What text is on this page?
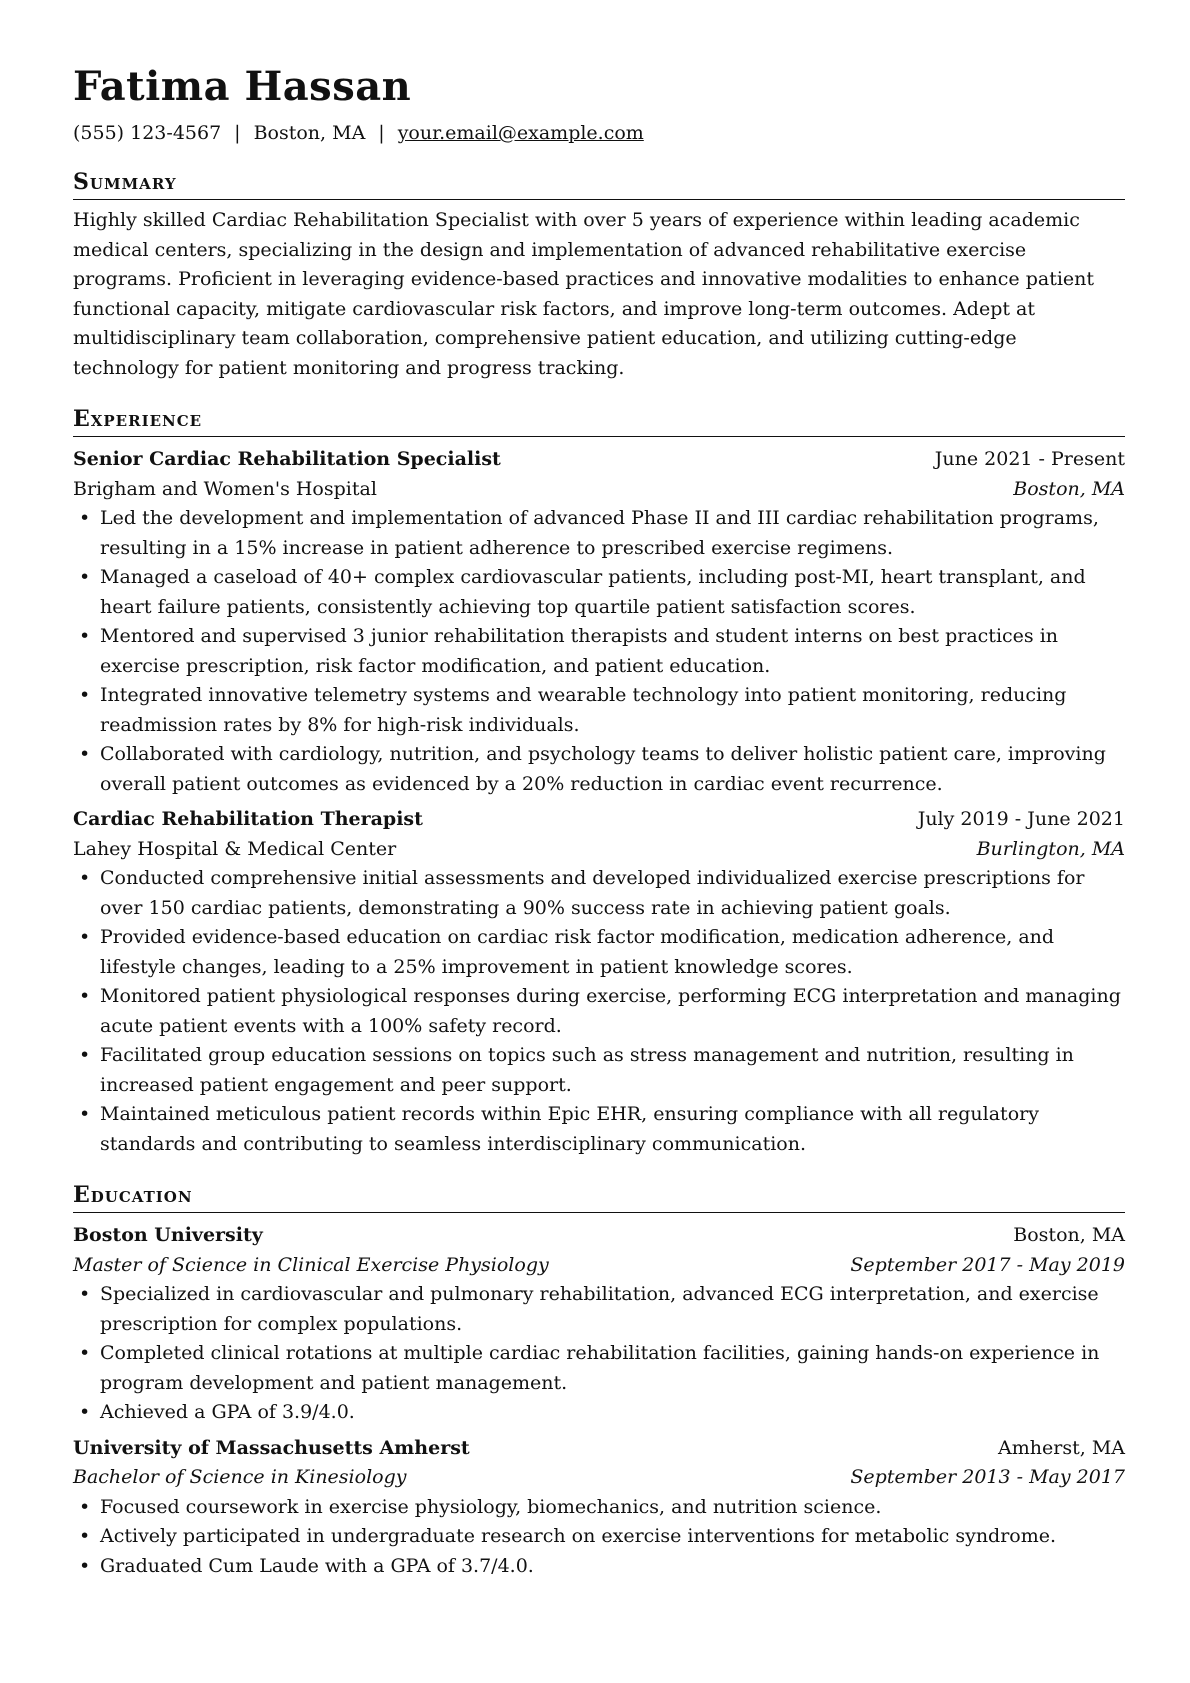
Fatima Hassan
(555) 123-4567 | Boston, MA | your.email@example.com
Summary
Highly skilled Cardiac Rehabilitation Specialist with over 5 years of experience within leading academic medical centers, specializing in the design and implementation of advanced rehabilitative exercise programs. Proficient in leveraging evidence-based practices and innovative modalities to enhance patient functional capacity, mitigate cardiovascular risk factors, and improve long-term outcomes. Adept at multidisciplinary team collaboration, comprehensive patient education, and utilizing cutting-edge technology for patient monitoring and progress tracking.
Experience
Senior Cardiac Rehabilitation Specialist	June 2021 - Present
Brigham and Women's Hospital	Boston, MA
• Led the development and implementation of advanced Phase II and III cardiac rehabilitation programs, resulting in a 15% increase in patient adherence to prescribed exercise regimens.
• Managed a caseload of 40+ complex cardiovascular patients, including post-MI, heart transplant, and heart failure patients, consistently achieving top quartile patient satisfaction scores.
• Mentored and supervised 3 junior rehabilitation therapists and student interns on best practices in exercise prescription, risk factor modification, and patient education.
• Integrated innovative telemetry systems and wearable technology into patient monitoring, reducing readmission rates by 8% for high-risk individuals.
• Collaborated with cardiology, nutrition, and psychology teams to deliver holistic patient care, improving overall patient outcomes as evidenced by a 20% reduction in cardiac event recurrence.
Cardiac Rehabilitation Therapist	July 2019 - June 2021
Lahey Hospital & Medical Center	Burlington, MA
• Conducted comprehensive initial assessments and developed individualized exercise prescriptions for over 150 cardiac patients, demonstrating a 90% success rate in achieving patient goals.
• Provided evidence-based education on cardiac risk factor modification, medication adherence, and lifestyle changes, leading to a 25% improvement in patient knowledge scores.
• Monitored patient physiological responses during exercise, performing ECG interpretation and managing acute patient events with a 100% safety record.
• Facilitated group education sessions on topics such as stress management and nutrition, resulting in increased patient engagement and peer support.
• Maintained meticulous patient records within Epic EHR, ensuring compliance with all regulatory standards and contributing to seamless interdisciplinary communication.
Education
Boston University	Boston, MA
Master of Science in Clinical Exercise Physiology	September 2017 - May 2019
• Specialized in cardiovascular and pulmonary rehabilitation, advanced ECG interpretation, and exercise prescription for complex populations.
• Completed clinical rotations at multiple cardiac rehabilitation facilities, gaining hands-on experience in program development and patient management.
• Achieved a GPA of 3.9/4.0.
University of Massachusetts Amherst	Amherst, MA
Bachelor of Science in Kinesiology	September 2013 - May 2017
• Focused coursework in exercise physiology, biomechanics, and nutrition science.
• Actively participated in undergraduate research on exercise interventions for metabolic syndrome.
• Graduated Cum Laude with a GPA of 3.7/4.0.
